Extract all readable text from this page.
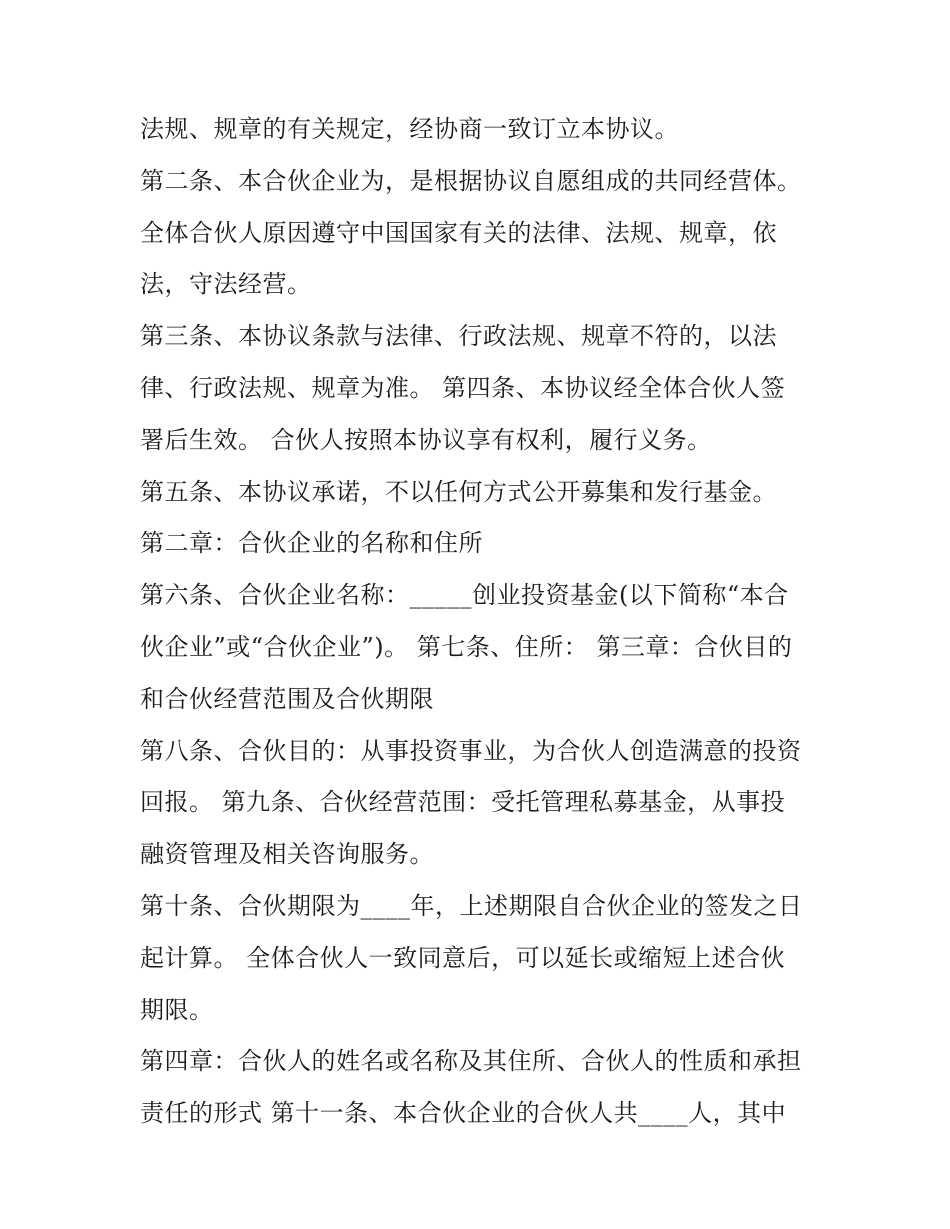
法规、规章的有关规定，经协商一致订立本协议。
第二条、本合伙企业为，是根据协议自愿组成的共同经营体。
全体合伙人原因遵守中国国家有关的法律、法规、规章，依
法，守法经营。
第三条、本协议条款与法律、行政法规、规章不符的，以法
律、行政法规、规章为准。 第四条、本协议经全体合伙人签
署后生效。 合伙人按照本协议享有权利，履行义务。
第五条、本协议承诺，不以任何方式公开募集和发行基金。
第二章：合伙企业的名称和住所
第六条、合伙企业名称：_____创业投资基金(以下简称“本合
伙企业”或“合伙企业”)。 第七条、住所： 第三章：合伙目的
和合伙经营范围及合伙期限
第八条、合伙目的：从事投资事业，为合伙人创造满意的投资
回报。 第九条、合伙经营范围：受托管理私募基金，从事投
融资管理及相关咨询服务。
第十条、合伙期限为____年，上述期限自合伙企业的签发之日
起计算。 全体合伙人一致同意后，可以延长或缩短上述合伙
期限。
第四章：合伙人的姓名或名称及其住所、合伙人的性质和承担
责任的形式 第十一条、本合伙企业的合伙人共____人，其中
